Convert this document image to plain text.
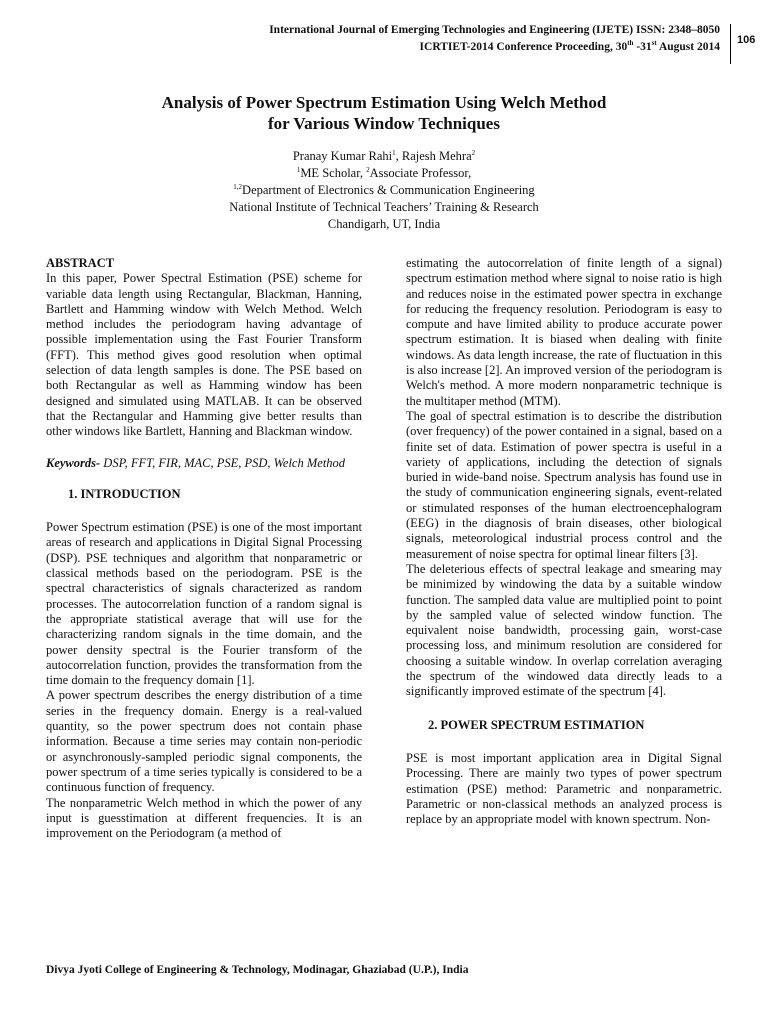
International Journal of Emerging Technologies and Engineering (IJETE) ISSN: 2348–8050
ICRTIET-2014 Conference Proceeding, 30th -31st August 2014
106
Analysis of Power Spectrum Estimation Using Welch Method
for Various Window Techniques
Pranay Kumar Rahi$^1$, Rajesh Mehra$^2$
$^1$ME Scholar, $^2$Associate Professor,
$^{1,2}$Department of Electronics & Communication Engineering
National Institute of Technical Teachers’ Training & Research
Chandigarh, UT, India

ABSTRACT

In this paper, Power Spectral Estimation (PSE) scheme for variable data length using Rectangular, Blackman, Hanning, Bartlett and Hamming window with Welch Method. Welch method includes the periodogram having advantage of possible implementation using the Fast Fourier Transform (FFT). This method gives good resolution when optimal selection of data length samples is done. The PSE based on both Rectangular as well as Hamming window has been designed and simulated using MATLAB. It can be observed that the Rectangular and Hamming give better results than other windows like Bartlett, Hanning and Blackman window.

Keywords- DSP, FFT, FIR, MAC, PSE, PSD, Welch Method

1. INTRODUCTION

Power Spectrum estimation (PSE) is one of the most important areas of research and applications in Digital Signal Processing (DSP). PSE techniques and algorithm that nonparametric or classical methods based on the periodogram. PSE is the spectral characteristics of signals characterized as random processes. The autocorrelation function of a random signal is the appropriate statistical average that will use for the characterizing random signals in the time domain, and the power density spectral is the Fourier transform of the autocorrelation function, provides the transformation from the time domain to the frequency domain [1].

A power spectrum describes the energy distribution of a time series in the frequency domain. Energy is a real-valued quantity, so the power spectrum does not contain phase information. Because a time series may contain non-periodic or asynchronously-sampled periodic signal components, the power spectrum of a time series typically is considered to be a continuous function of frequency.

The nonparametric Welch method in which the power of any input is guesstimation at different frequencies. It is an improvement on the Periodogram (a method of

estimating the autocorrelation of finite length of a signal) spectrum estimation method where signal to noise ratio is high and reduces noise in the estimated power spectra in exchange for reducing the frequency resolution. Periodogram is easy to compute and have limited ability to produce accurate power spectrum estimation. It is biased when dealing with finite windows. As data length increase, the rate of fluctuation in this is also increase [2]. An improved version of the periodogram is Welch's method. A more modern nonparametric technique is the multitaper method (MTM).

The goal of spectral estimation is to describe the distribution (over frequency) of the power contained in a signal, based on a finite set of data. Estimation of power spectra is useful in a variety of applications, including the detection of signals buried in wide-band noise. Spectrum analysis has found use in the study of communication engineering signals, event-related or stimulated responses of the human electroencephalogram (EEG) in the diagnosis of brain diseases, other biological signals, meteorological industrial process control and the measurement of noise spectra for optimal linear filters [3].

The deleterious effects of spectral leakage and smearing may be minimized by windowing the data by a suitable window function. The sampled data value are multiplied point to point by the sampled value of selected window function. The equivalent noise bandwidth, processing gain, worst-case processing loss, and minimum resolution are considered for choosing a suitable window. In overlap correlation averaging the spectrum of the windowed data directly leads to a significantly improved estimate of the spectrum [4].

2. POWER SPECTRUM ESTIMATION

PSE is most important application area in Digital Signal Processing. There are mainly two types of power spectrum estimation (PSE) method: Parametric and nonparametric. Parametric or non-classical methods an analyzed process is replace by an appropriate model with known spectrum. Non-

Divya Jyoti College of Engineering & Technology, Modinagar, Ghaziabad (U.P.), India
